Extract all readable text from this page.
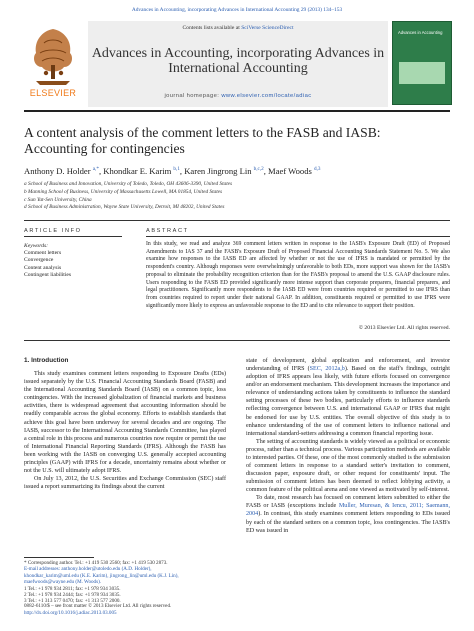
Advances in Accounting, incorporating Advances in International Accounting 29 (2013) 134–153
ELSEVIER
Contents lists available at SciVerse ScienceDirect
Advances in Accounting, incorporating Advances in
International Accounting
journal homepage: www.elsevier.com/locate/adiac
Advances in Accounting
A content analysis of the comment letters to the FASB and IASB:
Accounting for contingencies
Anthony D. Holder $^{a,*}$, Khondkar E. Karim $^{b,1}$, Karen Jingrong Lin $^{b,c,2}$, Maef Woods $^{d,3}$
a School of Business and Innovation, University of Toledo, Toledo, OH 43606-3390, United States
b Manning School of Business, University of Massachusetts Lowell, MA 01854, United States
c Sun Yat-Sen University, China
d School of Business Administration, Wayne State University, Detroit, MI 48202, United States
ARTICLE INFO	ABSTRACT
Keywords:
Comment letters
Convergence
Content analysis
Contingent liabilities
In this study, we read and analyze 369 comment letters written in response to the IASB's Exposure Draft (ED) of Proposed Amendments to IAS 37 and the FASB's Exposure Draft of Proposed Financial Accounting Standards Statement No. 5. We also examine how responses to the IASB ED are affected by whether or not the use of IFRS is mandated or permitted by the respondent's country. Although responses were overwhelmingly unfavorable to both EDs, more support was shown for the IASB's proposal to eliminate the probability recognition criterion than for the FASB's proposal to amend the U.S. GAAP disclosure rules. Users responding to the FASB ED provided significantly more intense support than corporate preparers, financial preparers, and legal practitioners. Significantly more respondents to the IASB ED were from countries required or permitted to use IFRS than from countries required to report under their national GAAP. In addition, constituents required or permitted to use IFRS were significantly more likely to express an unfavorable response to the ED and to cite relevance to support their position.
© 2013 Elsevier Ltd. All rights reserved.
1. Introduction

This study examines comment letters responding to Exposure Drafts (EDs) issued separately by the U.S. Financial Accounting Standards Board (FASB) and the International Accounting Standards Board (IASB) on a common topic, loss contingencies. With the increased globalization of financial markets and business activities, there is widespread agreement that accounting information should be readily comparable across the global economy. Efforts to establish standards that achieve this goal have been underway for several decades and are ongoing. The IASB, successor to the International Accounting Standards Committee, has played a central role in this process and numerous countries now require or permit the use of International Financial Reporting Standards (IFRS). Although the FASB has been working with the IASB on converging U.S. generally accepted accounting principles (GAAP) with IFRS for a decade, uncertainty remains about whether or not the U.S. will ultimately adopt IFRS.

On July 13, 2012, the U.S. Securities and Exchange Commission (SEC) staff issued a report summarizing its findings about the current

state of development, global application and enforcement, and investor understanding of IFRS (SEC, 2012a,b). Based on the staff's findings, outright adoption of IFRS appears less likely, with future efforts focused on convergence and/or an endorsement mechanism. This development increases the importance and relevance of understanding actions taken by constituents to influence the standard setting processes of these two bodies, particularly efforts to influence standards reflecting convergence between U.S. and international GAAP or IFRS that might be endorsed for use by U.S. entities. The overall objective of this study is to enhance understanding of the use of comment letters to influence national and international standard-setters addressing a common financial reporting issue.

The setting of accounting standards is widely viewed as a political or economic process, rather than a technical process. Various participation methods are available to interested parties. Of these, one of the most commonly studied is the submission of comment letters in response to a standard setter's invitation to comment, discussion paper, exposure draft, or other request for constituents' input. The submission of comment letters has been deemed to reflect lobbying activity, a common feature of the political arena and one viewed as motivated by self-interest.

To date, most research has focused on comment letters submitted to either the FASB or IASB (exceptions include Muller, Muresan, & Iencu, 2011; Saemann, 2004). In contrast, this study examines comment letters responding to EDs issued by each of the standard setters on a common topic, loss contingencies. The IASB's ED was issued in

* Corresponding author. Tel.: +1 419 530 2560; fax: +1 419 530 2873.
E-mail addresses: anthony.holder@utoledo.edu (A.D. Holder),
khondkar_karim@uml.edu (K.E. Karim), jingrong_lin@uml.edu (K.J. Lin),
maefwoods@wayne.edu (M. Woods).
1 Tel.: +1 978 934 2811; fax: +1 978 934 3035.
2 Tel.: +1 978 934 2444; fax: +1 978 934 3035.
3 Tel.: +1 313 577 0470; fax: +1 313 577 2000.
0882-6110/$ – see front matter © 2013 Elsevier Ltd. All rights reserved.
http://dx.doi.org/10.1016/j.adiac.2013.03.005
